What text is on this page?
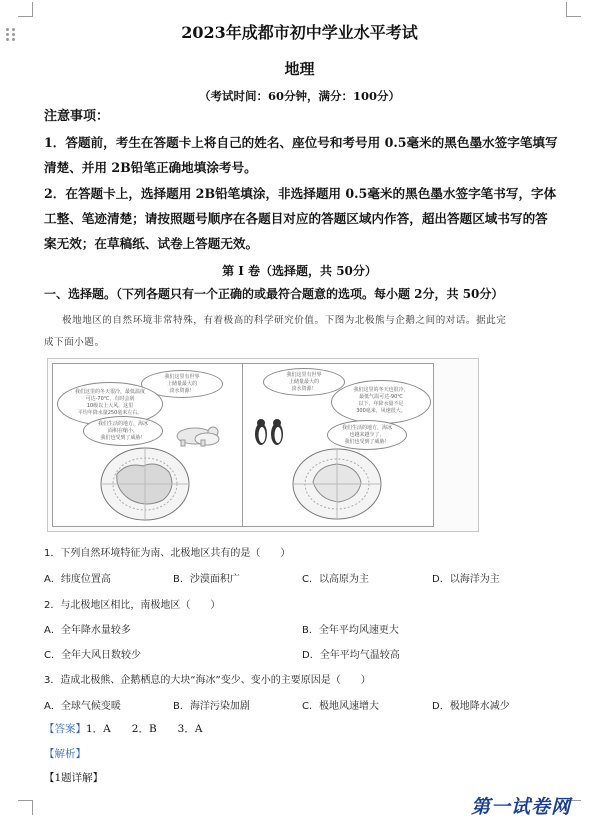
2023年成都市初中学业水平考试
地理
（考试时间：60分钟，满分：100分）
注意事项：
1．答题前，考生在答题卡上将自己的姓名、座位号和考号用 0.5毫米的黑色墨水签字笔填写
清楚、并用 2B铅笔正确地填涂考号。
2．在答题卡上，选择题用 2B铅笔填涂，非选择题用 0.5毫米的黑色墨水签字笔书写，字体
工整、笔迹清楚；请按照题号顺序在各题目对应的答题区域内作答，超出答题区域书写的答
案无效；在草稿纸、试卷上答题无效。
第 I 卷（选择题，共 50分）
一、选择题。（下列各题只有一个正确的或最符合题意的选项。每小题 2分，共 50分）
极地地区的自然环境非常特殊，有着极高的科学研究价值。下图为北极熊与企鹅之间的对话。据此完
成下面小题。
我们这里有世界
上储量最大的
淡水资源！
我们这里的冬天很冷，最低温度
可达-70℃，有时会刮
10级以上大风，这里
平均年降水量250毫米左右。
我们生活的地方，海冰
面积在缩小，
我们也受到了威胁！
我们这里有世界
上储量最大的
淡水资源！	我们这里的冬天也很冷，
最低气温可达-90℃
以下，年降水量不足
300毫米，风速很大。
我们生活的地方，海冰
也越来越少了，
我们也受到了威胁！
1．下列自然环境特征为南、北极地区共有的是（　　）
A．纬度位置高	B．沙漠面积广	C．以高原为主	D．以海洋为主
2．与北极地区相比，南极地区（　　）
A．全年降水量较多	B．全年平均风速更大
C．全年大风日数较少	D．全年平均气温较高
3．造成北极熊、企鹅栖息的大块“海冰”变少、变小的主要原因是（　　）
A．全球气候变暖	B．海洋污染加剧	C．极地风速增大	D．极地降水减少
【答案】1．A　　2．B　　3．A
【解析】
【1题详解】
第一试卷网
